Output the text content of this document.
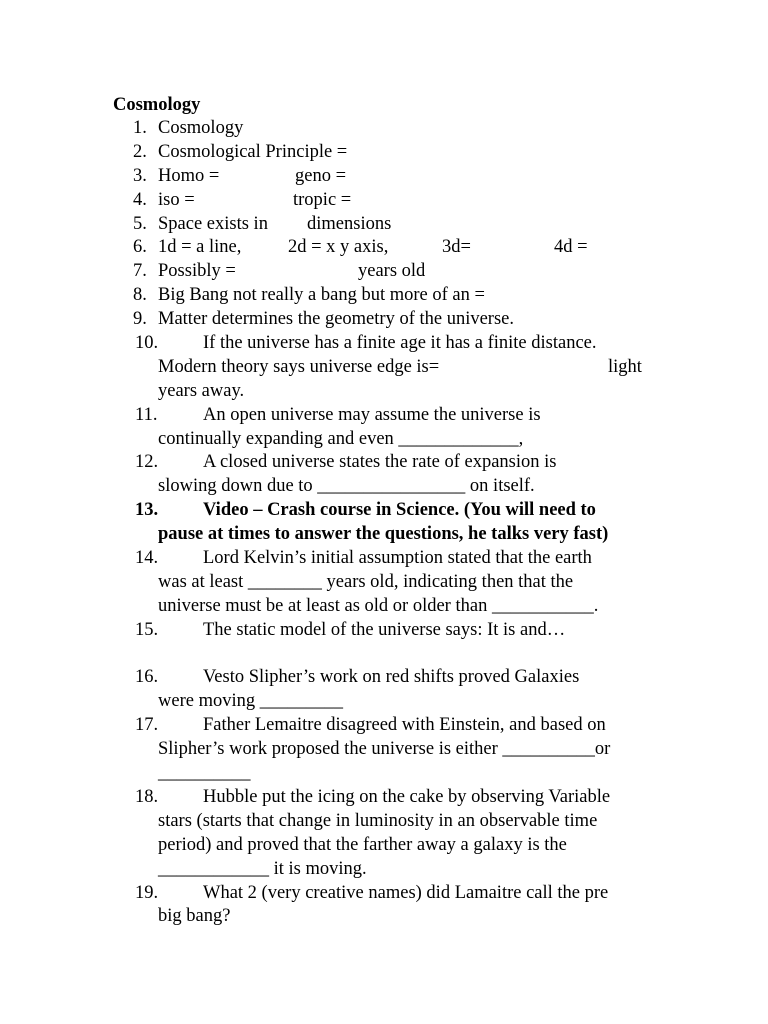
Cosmology
1. Cosmology
2. Cosmological Principle =
3. Homo =	geno =
4. iso =	tropic =
5. Space exists in dimensions
6. 1d = a line,	2d = x y axis,	3d=	4d =
7. Possibly =	years old
8. Big Bang not really a bang but more of an =
9. Matter determines the geometry of the universe.
10. If the universe has a finite age it has a finite distance.
Modern theory says universe edge is=	light
years away.
11. An open universe may assume the universe is
continually expanding and even _____________,
12. A closed universe states the rate of expansion is
slowing down due to ________________ on itself.
13. Video – Crash course in Science. (You will need to
pause at times to answer the questions, he talks very fast)
14. Lord Kelvin’s initial assumption stated that the earth
was at least ________ years old, indicating then that the
universe must be at least as old or older than ___________.
15. The static model of the universe says: It is and…
16. Vesto Slipher’s work on red shifts proved Galaxies
were moving _________
17. Father Lemaitre disagreed with Einstein, and based on
Slipher’s work proposed the universe is either __________or
__________
18. Hubble put the icing on the cake by observing Variable
stars (starts that change in luminosity in an observable time
period) and proved that the farther away a galaxy is the
____________ it is moving.
19. What 2 (very creative names) did Lamaitre call the pre
big bang?
